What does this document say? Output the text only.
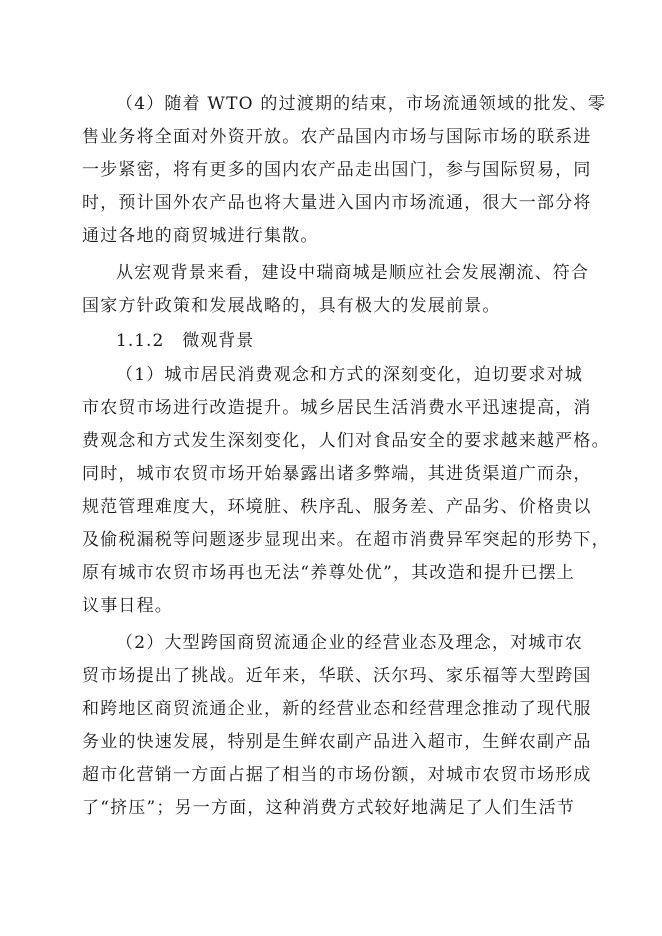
（4）随着 WTO 的过渡期的结束，市场流通领域的批发、零
售业务将全面对外资开放。农产品国内市场与国际市场的联系进
一步紧密，将有更多的国内农产品走出国门，参与国际贸易，同
时，预计国外农产品也将大量进入国内市场流通，很大一部分将
通过各地的商贸城进行集散。
从宏观背景来看，建设中瑞商城是顺应社会发展潮流、符合
国家方针政策和发展战略的，具有极大的发展前景。
1.1.2　微观背景
（1）城市居民消费观念和方式的深刻变化，迫切要求对城
市农贸市场进行改造提升。城乡居民生活消费水平迅速提高，消
费观念和方式发生深刻变化，人们对食品安全的要求越来越严格。
同时，城市农贸市场开始暴露出诸多弊端，其进货渠道广而杂，
规范管理难度大，环境脏、秩序乱、服务差、产品劣、价格贵以
及偷税漏税等问题逐步显现出来。在超市消费异军突起的形势下，
原有城市农贸市场再也无法“养尊处优”，其改造和提升已摆上
议事日程。
（2）大型跨国商贸流通企业的经营业态及理念，对城市农
贸市场提出了挑战。近年来，华联、沃尔玛、家乐福等大型跨国
和跨地区商贸流通企业，新的经营业态和经营理念推动了现代服
务业的快速发展，特别是生鲜农副产品进入超市，生鲜农副产品
超市化营销一方面占据了相当的市场份额，对城市农贸市场形成
了“挤压”；另一方面，这种消费方式较好地满足了人们生活节
